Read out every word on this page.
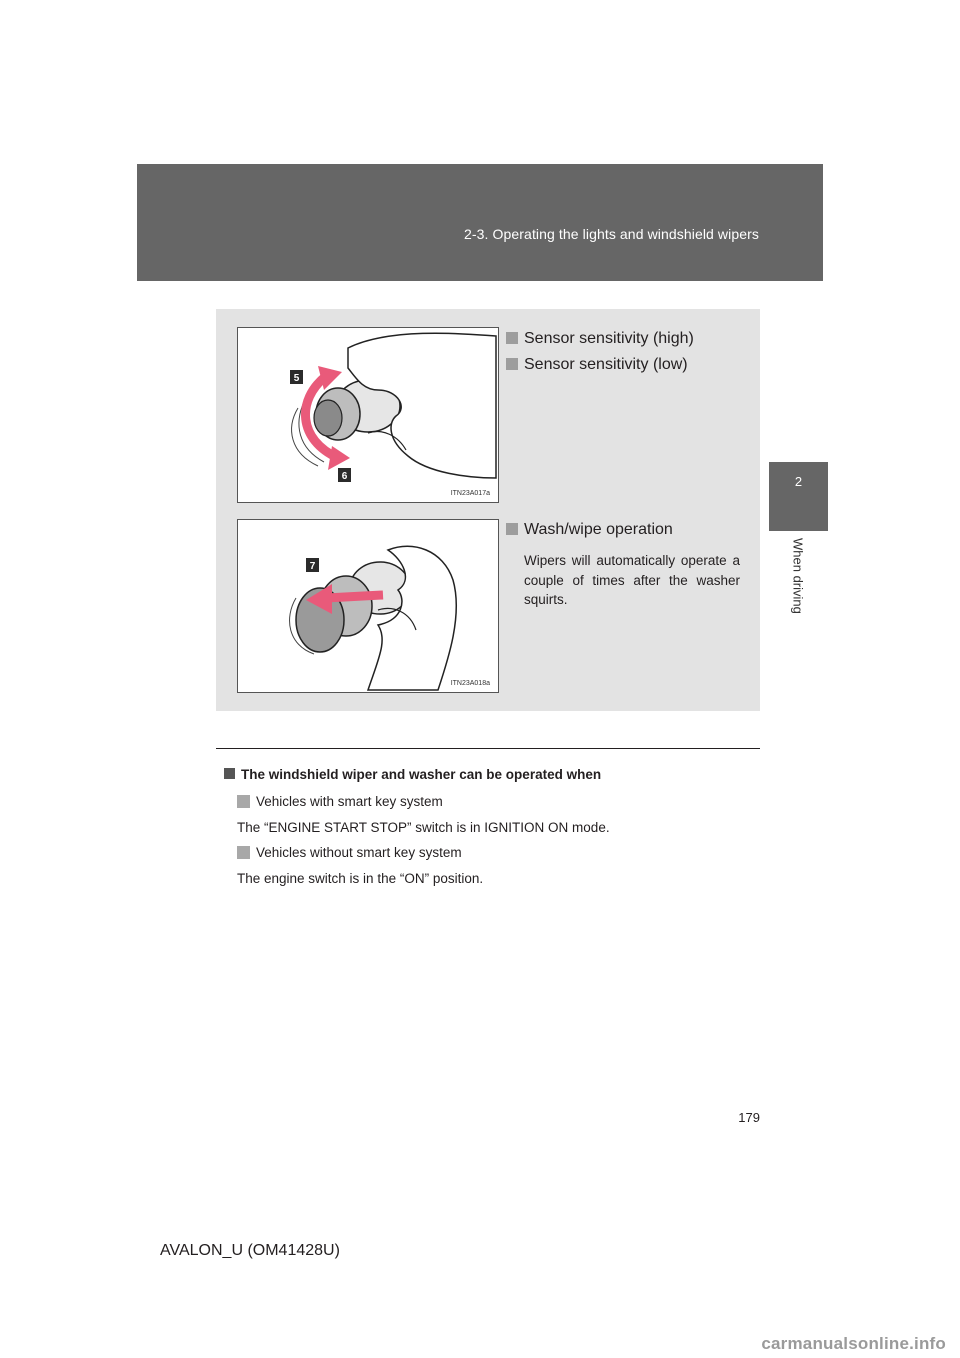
2-3. Operating the lights and windshield wipers
2
When driving
5
6
ITN23A017a
7
ITN23A018a
Sensor sensitivity (high)
Sensor sensitivity (low)
Wash/wipe operation
Wipers will automatically operate a couple of times after the washer squirts.
The windshield wiper and washer can be operated when
Vehicles with smart key system
The “ENGINE START STOP” switch is in IGNITION ON mode.
Vehicles without smart key system
The engine switch is in the “ON” position.
179
AVALON_U (OM41428U)
carmanualsonline.info
